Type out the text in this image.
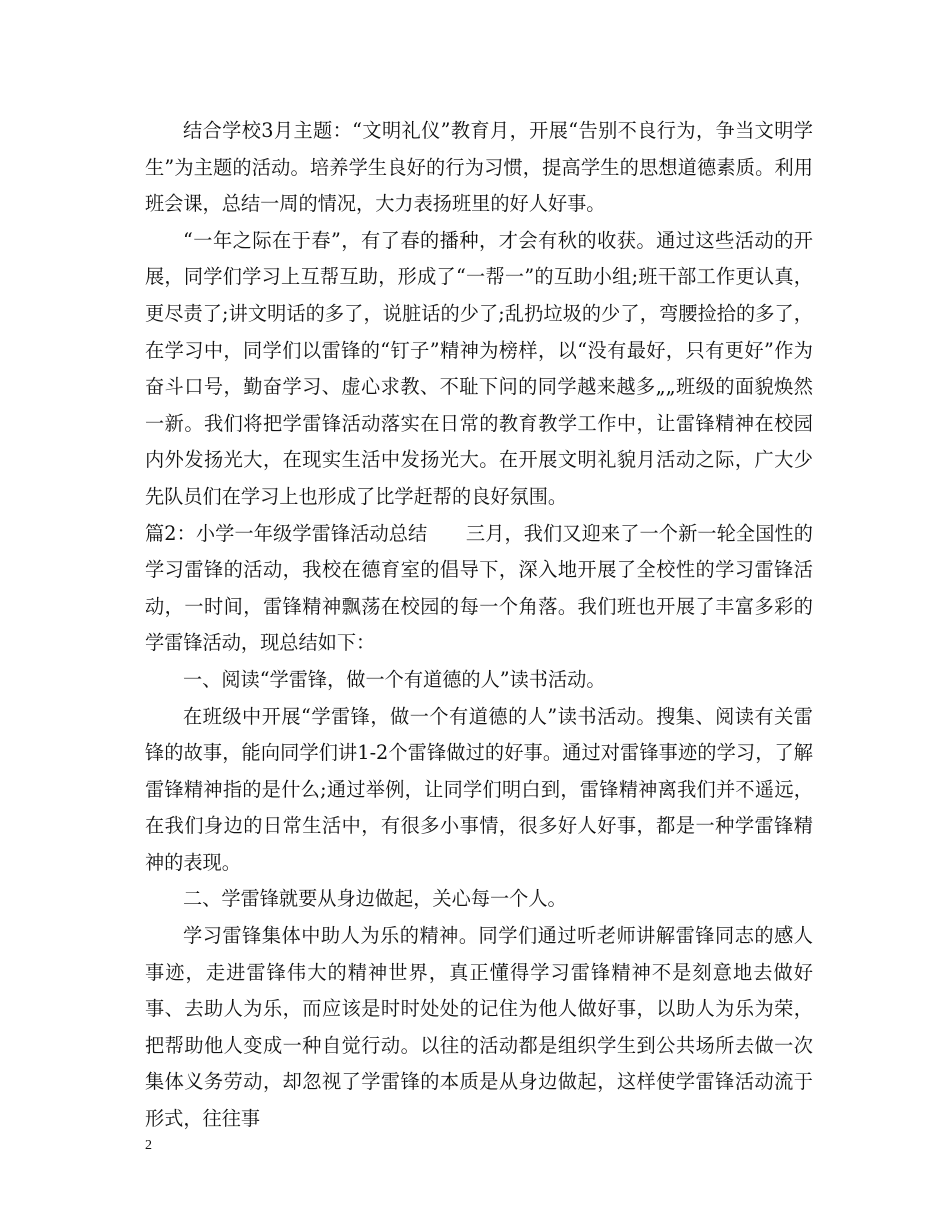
结合学校3月主题：“文明礼仪”教育月，开展“告别不良行为，争当文明学生”为主题的活动。培养学生良好的行为习惯，提高学生的思想道德素质。利用班会课，总结一周的情况，大力表扬班里的好人好事。

“一年之际在于春”，有了春的播种，才会有秋的收获。通过这些活动的开展，同学们学习上互帮互助，形成了“一帮一”的互助小组;班干部工作更认真，更尽责了;讲文明话的多了，说脏话的少了;乱扔垃圾的少了，弯腰捡拾的多了，在学习中，同学们以雷锋的“钉子”精神为榜样，以“没有最好，只有更好”作为奋斗口号，勤奋学习、虚心求教、不耻下问的同学越来越多„„班级的面貌焕然一新。我们将把学雷锋活动落实在日常的教育教学工作中，让雷锋精神在校园内外发扬光大，在现实生活中发扬光大。在开展文明礼貌月活动之际，广大少先队员们在学习上也形成了比学赶帮的良好氛围。

篇2：小学一年级学雷锋活动总结　　三月，我们又迎来了一个新一轮全国性的学习雷锋的活动，我校在德育室的倡导下，深入地开展了全校性的学习雷锋活动，一时间，雷锋精神飘荡在校园的每一个角落。我们班也开展了丰富多彩的学雷锋活动，现总结如下：

一、阅读“学雷锋，做一个有道德的人”读书活动。

在班级中开展“学雷锋，做一个有道德的人”读书活动。搜集、阅读有关雷锋的故事，能向同学们讲1-2个雷锋做过的好事。通过对雷锋事迹的学习，了解雷锋精神指的是什么;通过举例，让同学们明白到，雷锋精神离我们并不遥远，在我们身边的日常生活中，有很多小事情，很多好人好事，都是一种学雷锋精神的表现。

二、学雷锋就要从身边做起，关心每一个人。

学习雷锋集体中助人为乐的精神。同学们通过听老师讲解雷锋同志的感人事迹，走进雷锋伟大的精神世界，真正懂得学习雷锋精神不是刻意地去做好事、去助人为乐，而应该是时时处处的记住为他人做好事，以助人为乐为荣，把帮助他人变成一种自觉行动。以往的活动都是组织学生到公共场所去做一次集体义务劳动，却忽视了学雷锋的本质是从身边做起，这样使学雷锋活动流于形式，往往事

2
